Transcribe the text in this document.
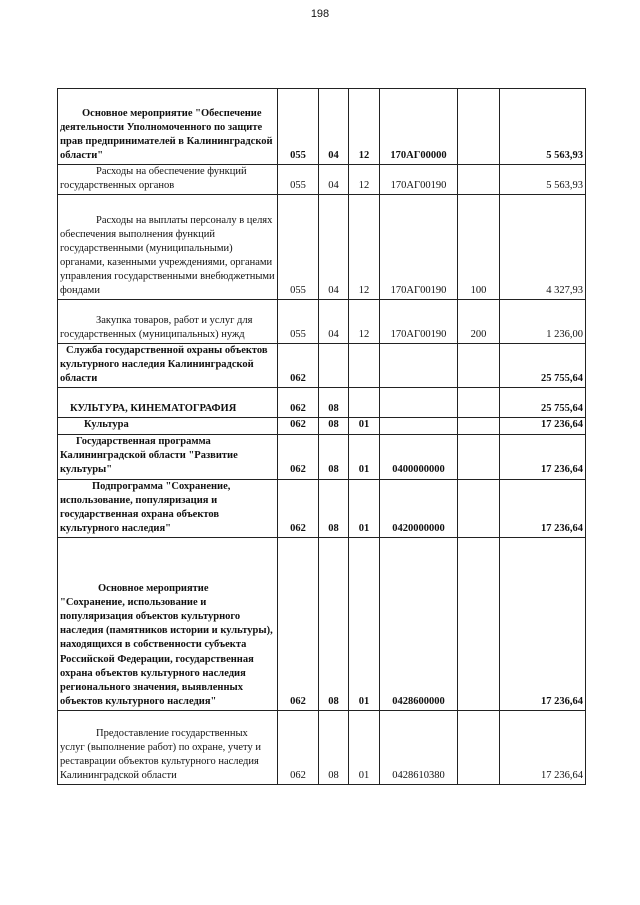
198
Основное мероприятие "Обеспечение деятельности Уполномоченного по защите прав предпринимателей в Калининградской области"	055	04	12	170АГ00000		5 563,93
Расходы на обеспечение функций государственных органов	055	04	12	170АГ00190		5 563,93
Расходы на выплаты персоналу в целях обеспечения выполнения функций государственными (муниципальными) органами, казенными учреждениями, органами управления государственными внебюджетными фондами	055	04	12	170АГ00190	100	4 327,93
Закупка товаров, работ и услуг для государственных (муниципальных) нужд	055	04	12	170АГ00190	200	1 236,00
Служба государственной охраны объектов культурного наследия Калининградской области	062					25 755,64
КУЛЬТУРА, КИНЕМАТОГРАФИЯ	062	08				25 755,64
Культура	062	08	01			17 236,64
Государственная программа Калининградской области "Развитие культуры"	062	08	01	0400000000		17 236,64
Подпрограмма "Сохранение, использование, популяризация и государственная охрана объектов культурного наследия"	062	08	01	0420000000		17 236,64
Основное мероприятие "Сохранение, использование и популяризация объектов культурного наследия (памятников истории и культуры), находящихся в собственности субъекта Российской Федерации, государственная охрана объектов культурного наследия регионального значения, выявленных объектов культурного наследия"	062	08	01	0428600000		17 236,64
Предоставление государственных услуг (выполнение работ) по охране, учету и реставрации объектов культурного наследия Калининградской области	062	08	01	0428610380		17 236,64
